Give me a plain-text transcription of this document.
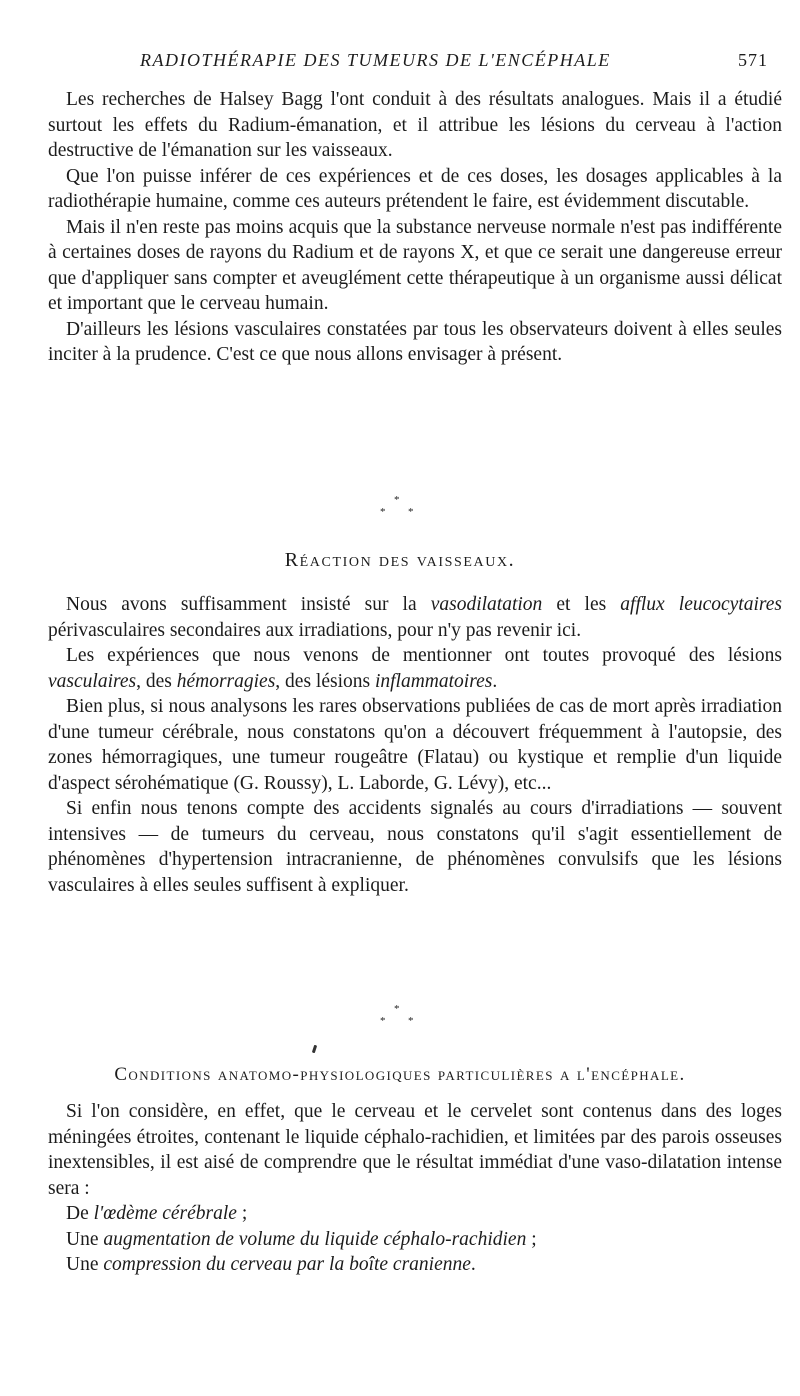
RADIOTHÉRAPIE DES TUMEURS DE L'ENCÉPHALE	571

Les recherches de Halsey Bagg l'ont conduit à des résultats analogues. Mais il a étudié surtout les effets du Radium-émanation, et il attribue les lésions du cerveau à l'action destructive de l'émanation sur les vaisseaux.

Que l'on puisse inférer de ces expériences et de ces doses, les dosages applicables à la radiothérapie humaine, comme ces auteurs prétendent le faire, est évidemment discutable.

Mais il n'en reste pas moins acquis que la substance nerveuse normale n'est pas indifférente à certaines doses de rayons du Radium et de rayons X, et que ce serait une dangereuse erreur que d'appliquer sans compter et aveuglément cette thérapeutique à un organisme aussi délicat et important que le cerveau humain.

D'ailleurs les lésions vasculaires constatées par tous les observateurs doivent à elles seules inciter à la prudence. C'est ce que nous allons envisager à présent.

*
* *
Réaction des vaisseaux.

Nous avons suffisamment insisté sur la vasodilatation et les afflux leucocytaires périvasculaires secondaires aux irradiations, pour n'y pas revenir ici.

Les expériences que nous venons de mentionner ont toutes provoqué des lésions vasculaires, des hémorragies, des lésions inflammatoires.

Bien plus, si nous analysons les rares observations publiées de cas de mort après irradiation d'une tumeur cérébrale, nous constatons qu'on a découvert fréquemment à l'autopsie, des zones hémorragiques, une tumeur rougeâtre (Flatau) ou kystique et remplie d'un liquide d'aspect sérohématique (G. Roussy), L. Laborde, G. Lévy), etc...

Si enfin nous tenons compte des accidents signalés au cours d'irradiations — souvent intensives — de tumeurs du cerveau, nous constatons qu'il s'agit essentiellement de phénomènes d'hypertension intracranienne, de phénomènes convulsifs que les lésions vasculaires à elles seules suffisent à expliquer.

*
* *
Conditions anatomo-physiologiques particulières a l'encéphale.

Si l'on considère, en effet, que le cerveau et le cervelet sont contenus dans des loges méningées étroites, contenant le liquide céphalo-rachidien, et limitées par des parois osseuses inextensibles, il est aisé de comprendre que le résultat immédiat d'une vaso-dilatation intense sera :

De l'œdème cérébrale ;

Une augmentation de volume du liquide céphalo-rachidien ;

Une compression du cerveau par la boîte cranienne.
